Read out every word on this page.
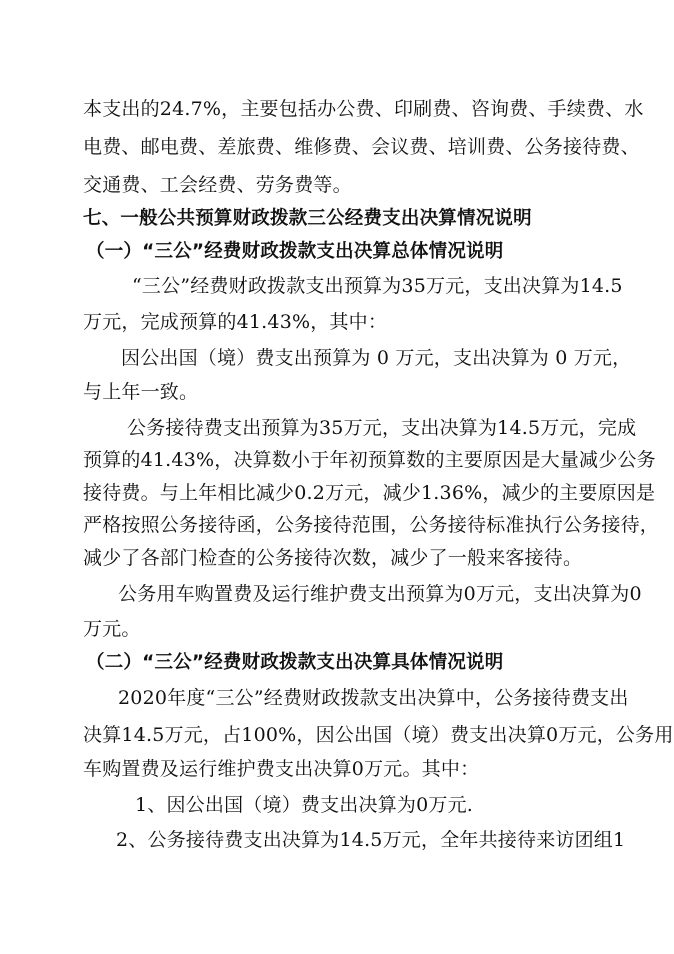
本支出的24.7%，主要包括办公费、印刷费、咨询费、手续费、水
电费、邮电费、差旅费、维修费、会议费、培训费、公务接待费、
交通费、工会经费、劳务费等。
七、一般公共预算财政拨款三公经费支出决算情况说明
（一）“三公”经费财政拨款支出决算总体情况说明
“三公”经费财政拨款支出预算为35万元，支出决算为14.5
万元，完成预算的41.43%，其中：
因公出国（境）费支出预算为 0 万元，支出决算为 0 万元，
与上年一致。
公务接待费支出预算为35万元，支出决算为14.5万元，完成
预算的41.43%，决算数小于年初预算数的主要原因是大量减少公务
接待费。与上年相比减少0.2万元，减少1.36%，减少的主要原因是
严格按照公务接待函，公务接待范围，公务接待标准执行公务接待，
减少了各部门检查的公务接待次数，减少了一般来客接待。
公务用车购置费及运行维护费支出预算为0万元，支出决算为0
万元。
（二）“三公”经费财政拨款支出决算具体情况说明
2020年度“三公”经费财政拨款支出决算中，公务接待费支出
决算14.5万元，占100%，因公出国（境）费支出决算0万元，公务用
车购置费及运行维护费支出决算0万元。其中：
1、因公出国（境）费支出决算为0万元.
2、公务接待费支出决算为14.5万元，全年共接待来访团组1
